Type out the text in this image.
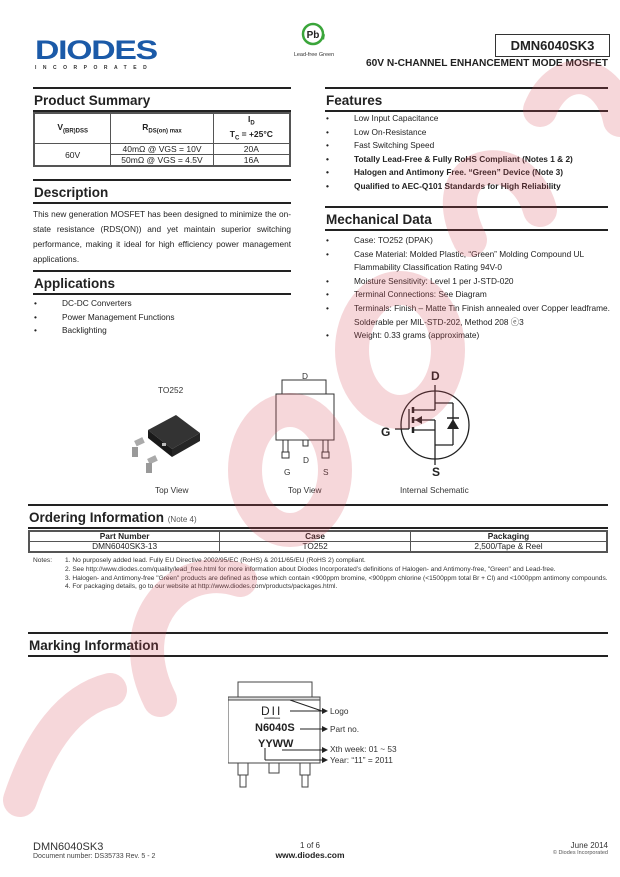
DIODES
INCORPORATED
Pb
Lead-free Green
DMN6040SK3
60V N-CHANNEL ENHANCEMENT MODE MOSFET
Product Summary
$V_{(BR)DSS}$	$R_{DS(on) max}$	$I_D$
$T_C = +25^\circ C$
60V	40mΩ @ VGS = 10V	20A
	50mΩ @ VGS = 4.5V	16A
Description
This new generation MOSFET has been designed to minimize the on-state resistance (RDS(ON)) and yet maintain superior switching performance, making it ideal for high efficiency power management applications.
Applications
• DC-DC Converters
• Power Management Functions
• Backlighting
Features
• Low Input Capacitance
• Low On-Resistance
• Fast Switching Speed
• Totally Lead-Free & Fully RoHS Compliant (Notes 1 & 2)
• Halogen and Antimony Free. “Green” Device (Note 3)
• Qualified to AEC-Q101 Standards for High Reliability
Mechanical Data
• Case: TO252 (DPAK)
• Case Material: Molded Plastic, “Green” Molding Compound UL Flammability Classification Rating 94V-0
• Moisture Sensitivity: Level 1 per J-STD-020
• Terminal Connections: See Diagram
• Terminals: Finish – Matte Tin Finish annealed over Copper leadframe. Solderable per MIL-STD-202, Method 208 ⓔ3
• Weight: 0.33 grams (approximate)
TO252
Top View
D
G
D
S
Top View
D
G
S
Internal Schematic
Ordering Information (Note 4)
Part Number	Case	Packaging
DMN6040SK3-13	TO252	2,500/Tape & Reel
Notes: 1. No purposely added lead. Fully EU Directive 2002/95/EC (RoHS) & 2011/65/EU (RoHS 2) compliant.
2. See http://www.diodes.com/quality/lead_free.html for more information about Diodes Incorporated’s definitions of Halogen- and Antimony-free, "Green" and Lead-free.
3. Halogen- and Antimony-free "Green" products are defined as those which contain <900ppm bromine, <900ppm chlorine (<1500ppm total Br + Cl) and <1000ppm antimony compounds.
4. For packaging details, go to our website at http://www.diodes.com/products/packages.html.
Marking Information
D͟I͟I
N6040S
YYWW
Logo
Part no.
Xth week: 01 ~ 53
Year: “11” = 2011
DMN6040SK3
Document number: DS35733 Rev. 5 - 2
1 of 6
www.diodes.com
June 2014
© Diodes Incorporated
